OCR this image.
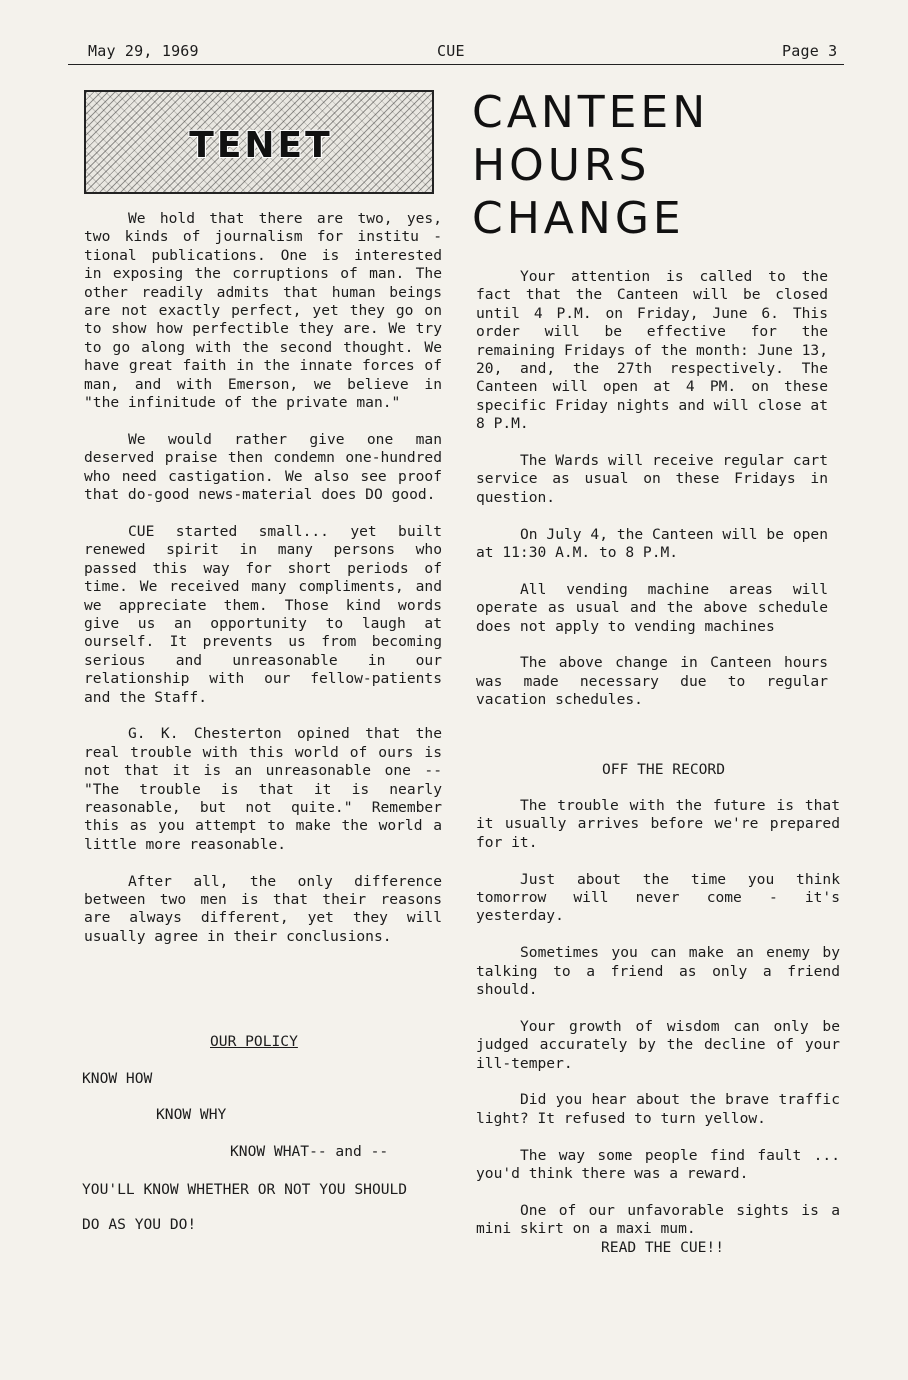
May 29, 1969	CUE	Page 3
TENET

We hold that there are two, yes, two kinds of journalism for institu - tional publications. One is interested in exposing the corruptions of man. The other readily admits that human beings are not exactly perfect, yet they go on to show how perfectible they are. We try to go along with the second thought. We have great faith in the innate forces of man, and with Emerson, we believe in "the infinitude of the private man."

We would rather give one man deserved praise then condemn one-hundred who need castigation. We also see proof that do-good news-material does DO good.

CUE started small... yet built renewed spirit in many persons who passed this way for short periods of time. We received many compliments, and we appreciate them. Those kind words give us an opportunity to laugh at ourself. It prevents us from becoming serious and unreasonable in our relationship with our fellow-patients and the Staff.

G. K. Chesterton opined that the real trouble with this world of ours is not that it is an unreasonable one --"The trouble is that it is nearly reasonable, but not quite." Remember this as you attempt to make the world a little more reasonable.

After all, the only difference between two men is that their reasons are always different, yet they will usually agree in their conclusions.

OUR POLICY
KNOW HOW
KNOW WHY
KNOW WHAT-- and --
YOU'LL KNOW WHETHER OR NOT YOU SHOULD
DO AS YOU DO!
CANTEEN
HOURS
CHANGE

Your attention is called to the fact that the Canteen will be closed until 4 P.M. on Friday, June 6. This order will be effective for the remaining Fridays of the month: June 13, 20, and, the 27th respectively. The Canteen will open at 4 PM. on these specific Friday nights and will close at 8 P.M.

The Wards will receive regular cart service as usual on these Fridays in question.

On July 4, the Canteen will be open at 11:30 A.M. to 8 P.M.

All vending machine areas will operate as usual and the above schedule does not apply to vending machines

The above change in Canteen hours was made necessary due to regular vacation schedules.

OFF THE RECORD

The trouble with the future is that it usually arrives before we're prepared for it.

Just about the time you think tomorrow will never come - it's yesterday.

Sometimes you can make an enemy by talking to a friend as only a friend should.

Your growth of wisdom can only be judged accurately by the decline of your ill-temper.

Did you hear about the brave traffic light? It refused to turn yellow.

The way some people find fault ... you'd think there was a reward.

One of our unfavorable sights is a mini skirt on a maxi mum.

READ THE CUE!!
